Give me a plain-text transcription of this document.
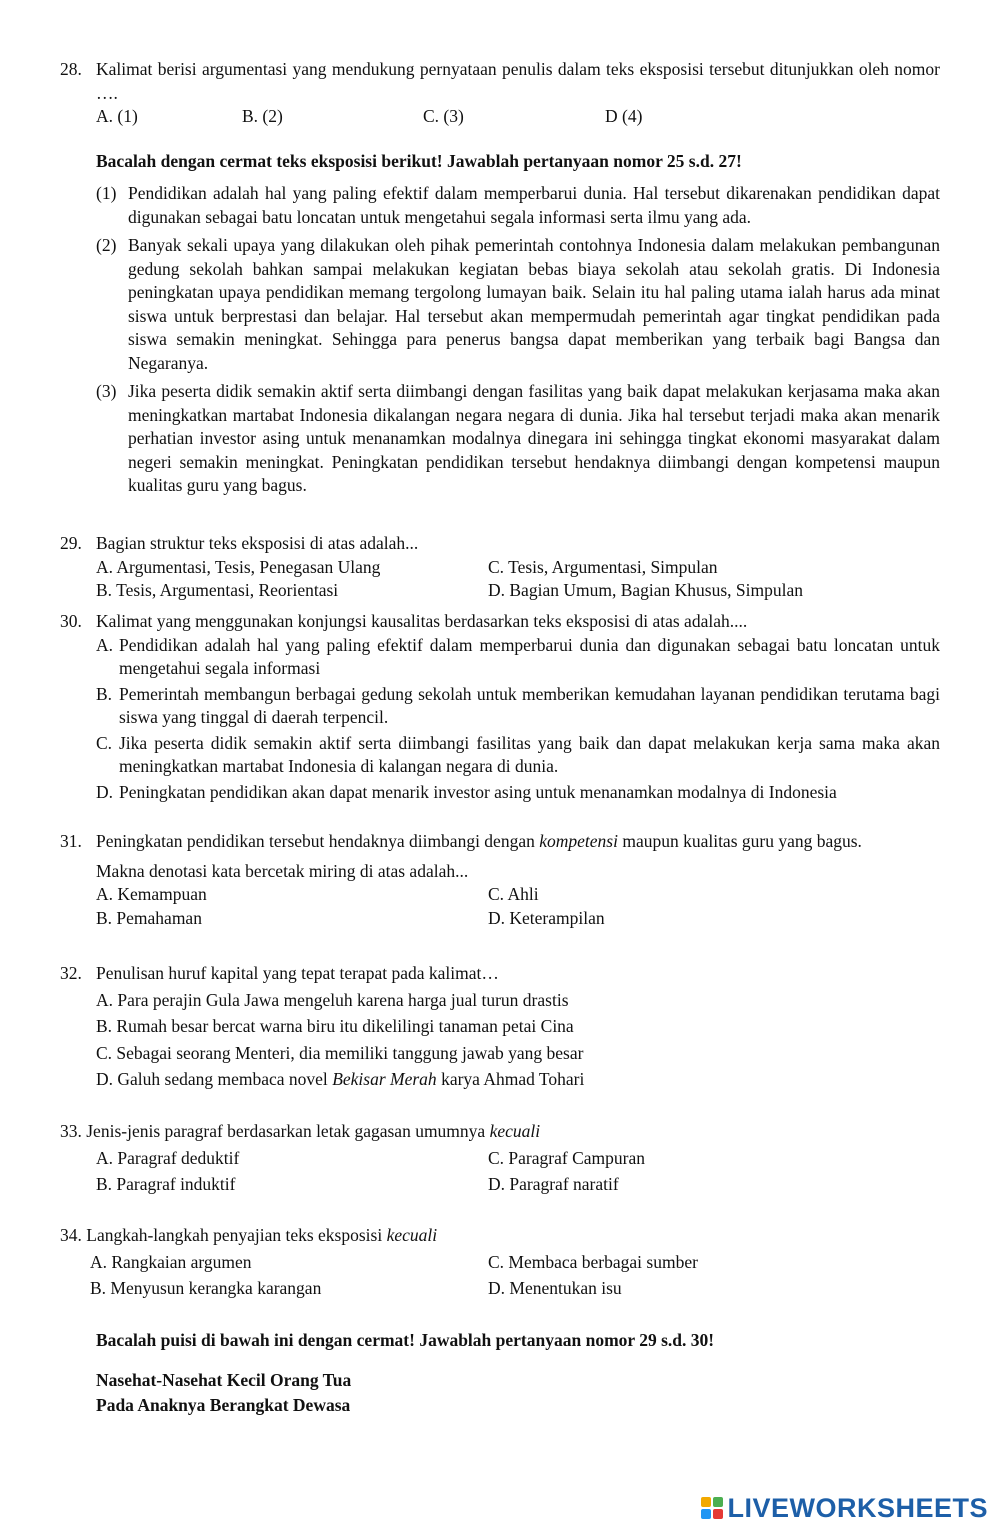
28. Kalimat berisi argumentasi yang mendukung pernyataan penulis dalam teks eksposisi tersebut ditunjukkan oleh nomor ….
A. (1)	B. (2)	C. (3)	D (4)
Bacalah dengan cermat teks eksposisi berikut! Jawablah pertanyaan nomor 25 s.d. 27!
(1) Pendidikan adalah hal yang paling efektif dalam memperbarui dunia. Hal tersebut dikarenakan pendidikan dapat digunakan sebagai batu loncatan untuk mengetahui segala informasi serta ilmu yang ada.
(2) Banyak sekali upaya yang dilakukan oleh pihak pemerintah contohnya Indonesia dalam melakukan pembangunan gedung sekolah bahkan sampai melakukan kegiatan bebas biaya sekolah atau sekolah gratis. Di Indonesia peningkatan upaya pendidikan memang tergolong lumayan baik. Selain itu hal paling utama ialah harus ada minat siswa untuk berprestasi dan belajar. Hal tersebut akan mempermudah pemerintah agar tingkat pendidikan pada siswa semakin meningkat. Sehingga para penerus bangsa dapat memberikan yang terbaik bagi Bangsa dan Negaranya.
(3) Jika peserta didik semakin aktif serta diimbangi dengan fasilitas yang baik dapat melakukan kerjasama maka akan meningkatkan martabat Indonesia dikalangan negara negara di dunia. Jika hal tersebut terjadi maka akan menarik perhatian investor asing untuk menanamkan modalnya dinegara ini sehingga tingkat ekonomi masyarakat dalam negeri semakin meningkat. Peningkatan pendidikan tersebut hendaknya diimbangi dengan kompetensi maupun kualitas guru yang bagus.
29. Bagian struktur teks eksposisi di atas adalah...
A. Argumentasi, Tesis, Penegasan Ulang	C. Tesis, Argumentasi, Simpulan
B. Tesis, Argumentasi, Reorientasi	D. Bagian Umum, Bagian Khusus, Simpulan
30. Kalimat yang menggunakan konjungsi kausalitas berdasarkan teks eksposisi di atas adalah....
A. Pendidikan adalah hal yang paling efektif dalam memperbarui dunia dan digunakan sebagai batu loncatan untuk mengetahui segala informasi
B. Pemerintah membangun berbagai gedung sekolah untuk memberikan kemudahan layanan pendidikan terutama bagi siswa yang tinggal di daerah terpencil.
C. Jika peserta didik semakin aktif serta diimbangi fasilitas yang baik dan dapat melakukan kerja sama maka akan meningkatkan martabat Indonesia di kalangan negara di dunia.
D. Peningkatan pendidikan akan dapat menarik investor asing untuk menanamkan modalnya di Indonesia
31. Peningkatan pendidikan tersebut hendaknya diimbangi dengan kompetensi maupun kualitas guru yang bagus.
Makna denotasi kata bercetak miring di atas adalah...
A. Kemampuan	C. Ahli
B. Pemahaman	D. Keterampilan
32. Penulisan huruf kapital yang tepat terapat pada kalimat…
A. Para perajin Gula Jawa mengeluh karena harga jual turun drastis
B. Rumah besar bercat warna biru itu dikelilingi tanaman petai Cina
C. Sebagai seorang Menteri, dia memiliki tanggung jawab yang besar
D. Galuh sedang membaca novel Bekisar Merah karya Ahmad Tohari
33. Jenis-jenis paragraf berdasarkan letak gagasan umumnya kecuali
A. Paragraf deduktif	C. Paragraf Campuran
B. Paragraf induktif	D. Paragraf naratif
34. Langkah-langkah penyajian teks eksposisi kecuali
A. Rangkaian argumen	C. Membaca berbagai sumber
B. Menyusun kerangka karangan	D. Menentukan isu
Bacalah puisi di bawah ini dengan cermat! Jawablah pertanyaan nomor 29 s.d. 30!
Nasehat-Nasehat Kecil Orang Tua
Pada Anaknya Berangkat Dewasa
LIVEWORKSHEETS
